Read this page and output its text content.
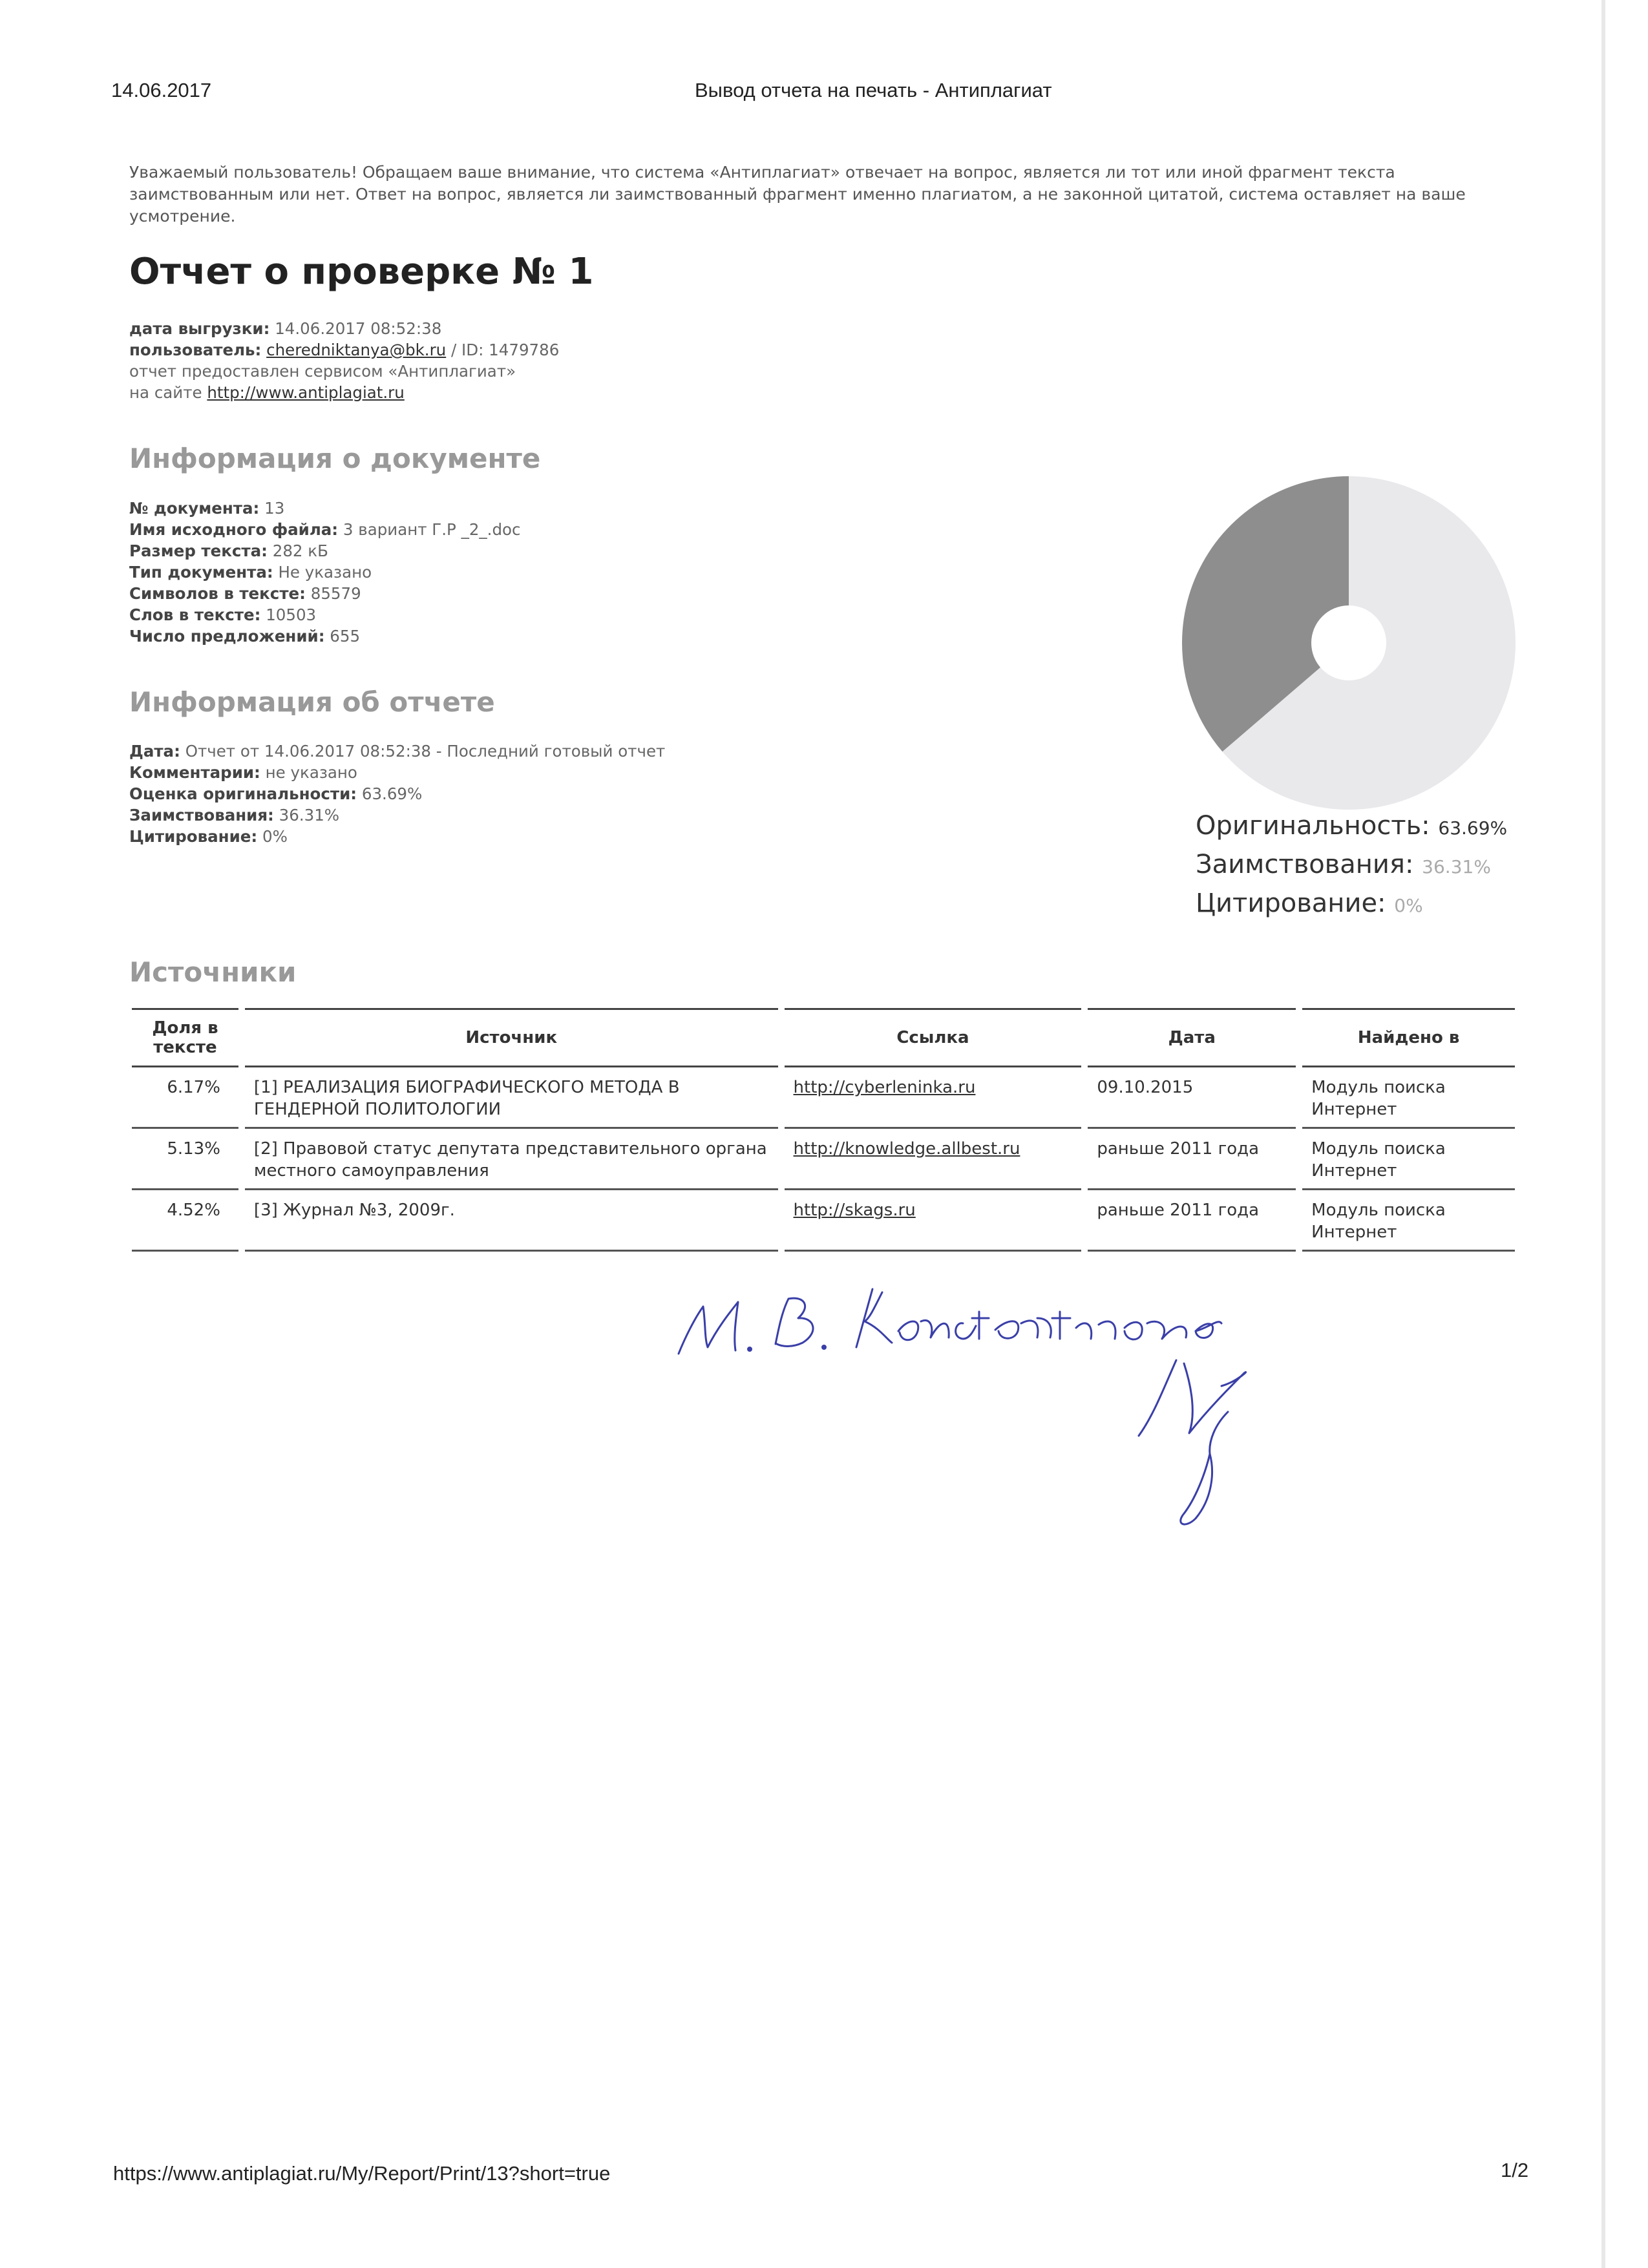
14.06.2017	Вывод отчета на печать - Антиплагиат
Уважаемый пользователь! Обращаем ваше внимание, что система «Антиплагиат» отвечает на вопрос, является ли тот или иной фрагмент текста заимствованным или нет. Ответ на вопрос, является ли заимствованный фрагмент именно плагиатом, а не законной цитатой, система оставляет на ваше усмотрение.
Отчет о проверке № 1
дата выгрузки: 14.06.2017 08:52:38
пользователь: cherednikt​anya@bk.ru / ID: 1479786
отчет предоставлен сервисом «Антиплагиат»
на сайте http://www.antiplagiat.ru
Информация о документе
№ документа: 13
Имя исходного файла: 3 вариант Г.Р _2_.doc
Размер текста: 282 кБ
Тип документа: Не указано
Символов в тексте: 85579
Слов в тексте: 10503
Число предложений: 655
Информация об отчете
Дата: Отчет от 14.06.2017 08:52:38 - Последний готовый отчет
Комментарии: не указано
Оценка оригинальности: 63.69%
Заимствования: 36.31%
Цитирование: 0%	Оригинальность: 63.69%
Заимствования: 36.31%
Цитирование: 0%
Источники
Доля в тексте	Источник	Ссылка	Дата	Найдено в
6.17%	[1] РЕАЛИЗАЦИЯ БИОГРАФИЧЕСКОГО МЕТОДА В ГЕНДЕРНОЙ ПОЛИТОЛОГИИ	http://cyberleninka.ru	09.10.2015	Модуль поиска Интернет
5.13%	[2] Правовой статус депутата представительного органа местного самоуправления	http://knowledge.allbest.ru	раньше 2011 года	Модуль поиска Интернет
4.52%	[3] Журнал №3, 2009г.	http://skags.ru	раньше 2011 года	Модуль поиска Интернет
https://www.antiplagiat.ru/My/Report/Print/13?short=true	1/2
